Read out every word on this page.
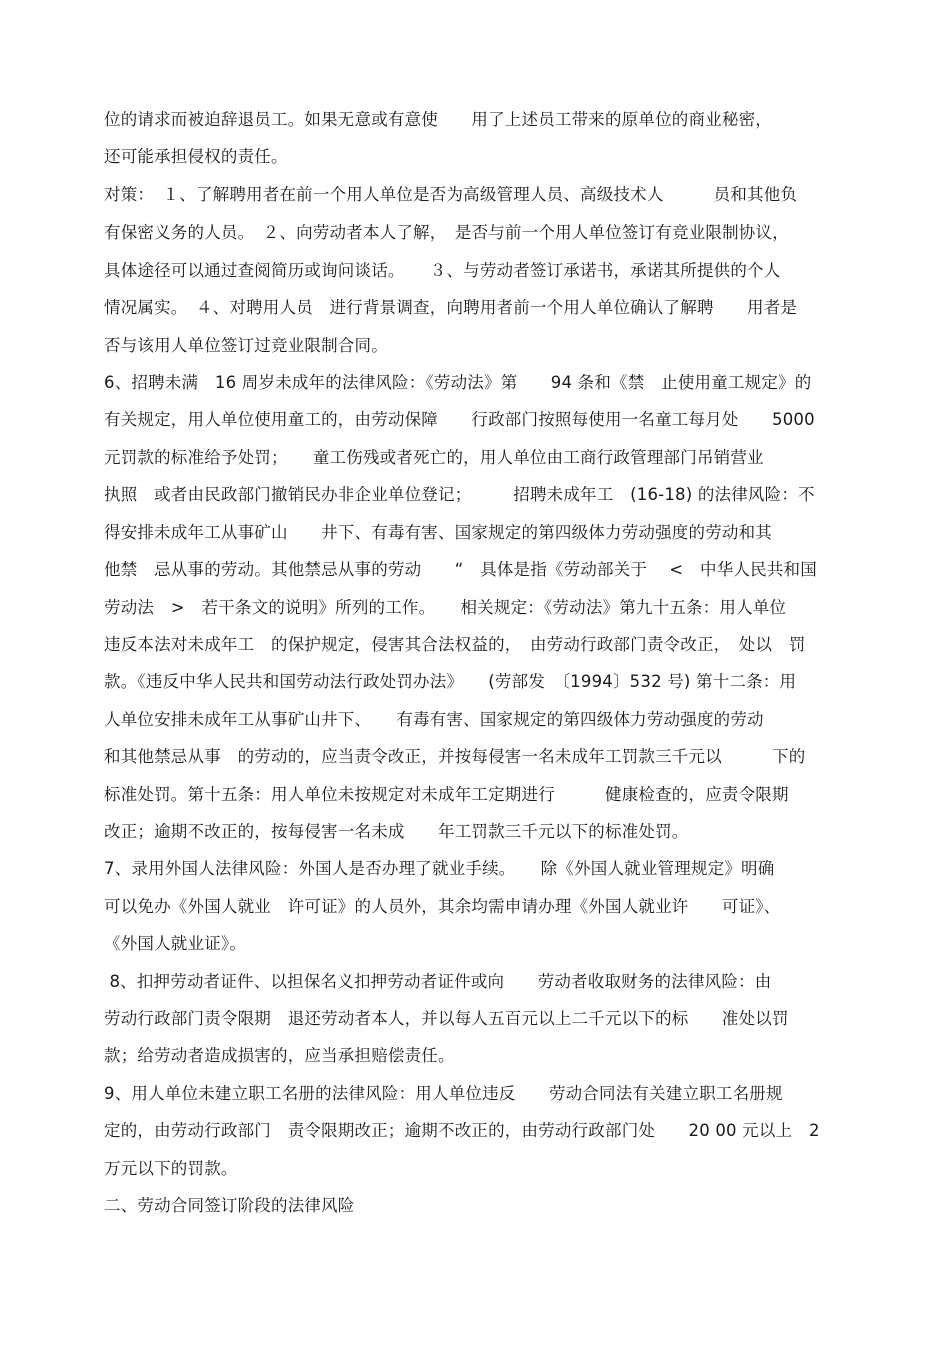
位的请求而被迫辞退员工。如果无意或有意使　　用了上述员工带来的原单位的商业秘密，
还可能承担侵权的责任。
对策：　１、了解聘用者在前一个用人单位是否为高级管理人员、高级技术人　　　员和其他负
有保密义务的人员。　２、向劳动者本人了解，　是否与前一个用人单位签订有竞业限制协议，
具体途径可以通过查阅简历或询问谈话。　　３、与劳动者签订承诺书，承诺其所提供的个人
情况属实。　４、对聘用人员　进行背景调查，向聘用者前一个用人单位确认了解聘　　用者是
否与该用人单位签订过竞业限制合同。
6、招聘未满　16 周岁未成年的法律风险：《劳动法》第　　94 条和《禁　止使用童工规定》的
有关规定，用人单位使用童工的，由劳动保障　　行政部门按照每使用一名童工每月处　　5000
元罚款的标准给予处罚；　　童工伤残或者死亡的，用人单位由工商行政管理部门吊销营业
执照　或者由民政部门撤销民办非企业单位登记；　　　招聘未成年工　(16-18) 的法律风险：不
得安排未成年工从事矿山　　井下、有毒有害、国家规定的第四级体力劳动强度的劳动和其
他禁　忌从事的劳动。其他禁忌从事的劳动　　“　具体是指《劳动部关于　 <　中华人民共和国
劳动法　>　若干条文的说明》所列的工作。　　相关规定：《劳动法》第九十五条：用人单位
违反本法对未成年工　的保护规定，侵害其合法权益的，　由劳动行政部门责令改正，　处以　罚
款。《违反中华人民共和国劳动法行政处罚办法》　　(劳部发　〔1994〕532 号) 第十二条：用
人单位安排未成年工从事矿山井下、　　有毒有害、国家规定的第四级体力劳动强度的劳动
和其他禁忌从事　的劳动的，应当责令改正，并按每侵害一名未成年工罚款三千元以　　　下的
标准处罚。第十五条：用人单位未按规定对未成年工定期进行　　　健康检查的，应责令限期
改正；逾期不改正的，按每侵害一名未成　　年工罚款三千元以下的标准处罚。
7、录用外国人法律风险：外国人是否办理了就业手续。　　除《外国人就业管理规定》明确
可以免办《外国人就业　许可证》的人员外，其余均需申请办理《外国人就业许　　可证》、
《外国人就业证》。
8、扣押劳动者证件、以担保名义扣押劳动者证件或向　　劳动者收取财务的法律风险：由
劳动行政部门责令限期　退还劳动者本人，并以每人五百元以上二千元以下的标　　准处以罚
款；给劳动者造成损害的，应当承担赔偿责任。
9、用人单位未建立职工名册的法律风险：用人单位违反　　劳动合同法有关建立职工名册规
定的，由劳动行政部门　责令限期改正；逾期不改正的，由劳动行政部门处　　20 00 元以上　2
万元以下的罚款。
二、劳动合同签订阶段的法律风险
